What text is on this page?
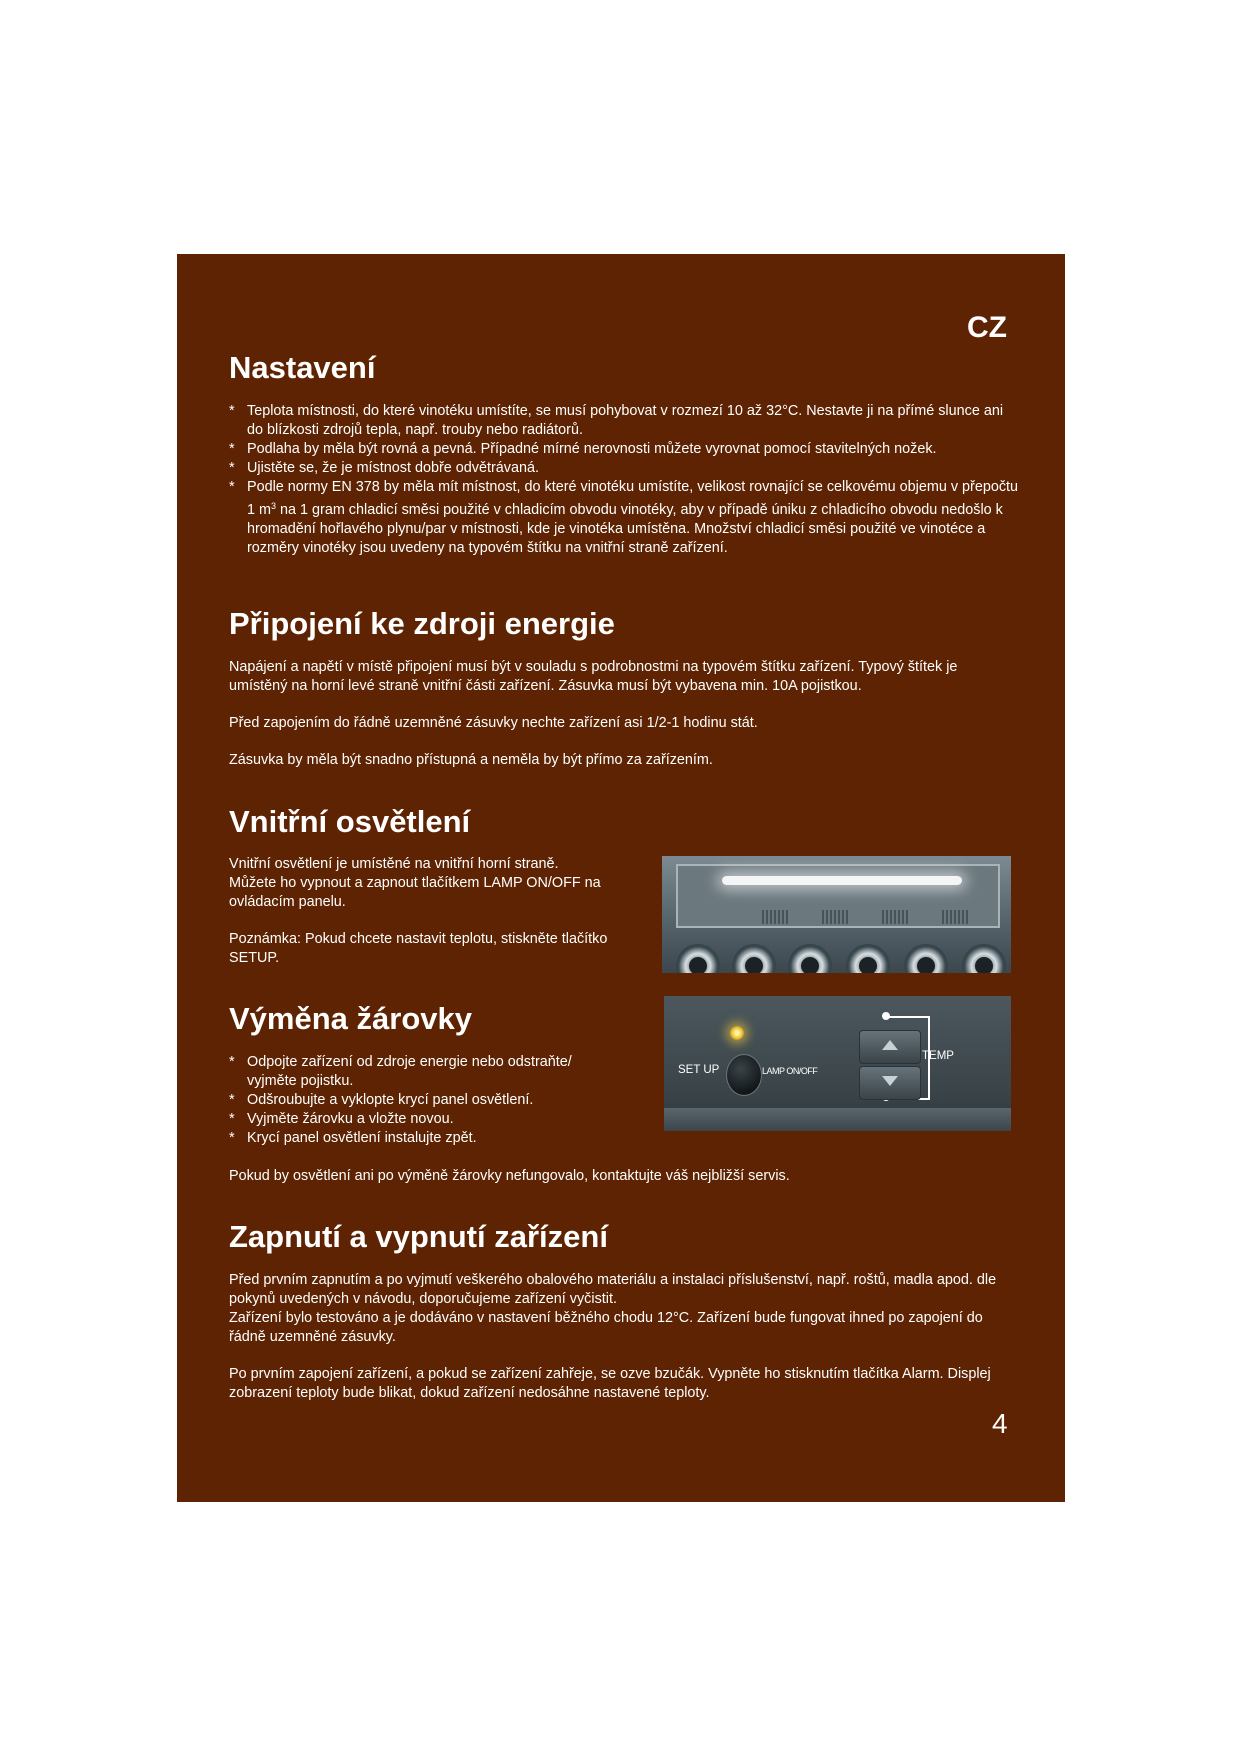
CZ
Nastavení
* Teplota místnosti, do které vinotéku umístíte, se musí pohybovat v rozmezí 10 až 32°C. Nestavte ji na přímé slunce ani do blízkosti zdrojů tepla, např. trouby nebo radiátorů.
* Podlaha by měla být rovná a pevná. Případné mírné nerovnosti můžete vyrovnat pomocí stavitelných nožek.
* Ujistěte se, že je místnost dobře odvětrávaná.
* Podle normy EN 378 by měla mít místnost, do které vinotéku umístíte, velikost rovnající se celkovému objemu v přepočtu 1 $m^3$ na 1 gram chladicí směsi použité v chladicím obvodu vinotéky, aby v případě úniku z chladicího obvodu nedošlo k hromadění hořlavého plynu/par v místnosti, kde je vinotéka umístěna. Množství chladicí směsi použité ve vinotéce a rozměry vinotéky jsou uvedeny na typovém štítku na vnitřní straně zařízení.
Připojení ke zdroji energie

Napájení a napětí v místě připojení musí být v souladu s podrobnostmi na typovém štítku zařízení. Typový štítek je umístěný na horní levé straně vnitřní části zařízení. Zásuvka musí být vybavena min. 10A pojistkou.

Před zapojením do řádně uzemněné zásuvky nechte zařízení asi 1/2-1 hodinu stát.

Zásuvka by měla být snadno přístupná a neměla by být přímo za zařízením.

Vnitřní osvětlení

Vnitřní osvětlení je umístěné na vnitřní horní straně.
Můžete ho vypnout a zapnout tlačítkem LAMP ON/OFF na
ovládacím panelu.

Poznámka: Pokud chcete nastavit teplotu, stiskněte tlačítko
SETUP.

Výměna žárovky
* Odpojte zařízení od zdroje energie nebo odstraňte/
vyjměte pojistku.
* Odšroubujte a vyklopte krycí panel osvětlení.
* Vyjměte žárovku a vložte novou.
* Krycí panel osvětlení instalujte zpět.

Pokud by osvětlení ani po výměně žárovky nefungovalo, kontaktujte váš nejbližší servis.

SET UP	LAMP ON/OFF
TEMP
Zapnutí a vypnutí zařízení

Před prvním zapnutím a po vyjmutí veškerého obalového materiálu a instalaci příslušenství, např. roštů, madla apod. dle pokynů uvedených v návodu, doporučujeme zařízení vyčistit.

Zařízení bylo testováno a je dodáváno v nastavení běžného chodu 12°C. Zařízení bude fungovat ihned po zapojení do řádně uzemněné zásuvky.

Po prvním zapojení zařízení, a pokud se zařízení zahřeje, se ozve bzučák. Vypněte ho stisknutím tlačítka Alarm. Displej zobrazení teploty bude blikat, dokud zařízení nedosáhne nastavené teploty.

4
